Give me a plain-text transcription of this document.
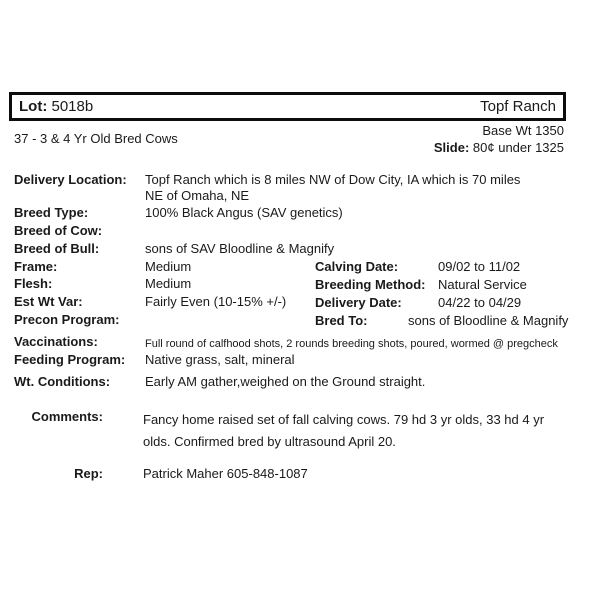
Lot: 5018b	Topf Ranch
37 - 3 & 4 Yr Old Bred Cows
Base Wt 1350
Slide: 80¢ under 1325
Delivery Location:	Topf Ranch which is 8 miles NW of Dow City, IA which is 70 miles
NE of Omaha, NE
Breed Type:	100% Black Angus (SAV genetics)
Breed of Cow:
Breed of Bull:	sons of SAV Bloodline & Magnify
Frame:	Medium
Flesh:	Medium
Est Wt Var:	Fairly Even (10-15% +/-)
Precon Program:
Calving Date:	09/02 to 11/02
Breeding Method: Natural Service
Delivery Date:	04/22 to 04/29
Bred To:	sons of Bloodline & Magnify
Vaccinations:	Full round of calfhood shots, 2 rounds breeding shots, poured, wormed @ pregcheck
Feeding Program:	Native grass, salt, mineral
Wt. Conditions:	Early AM gather,weighed on the Ground straight.
Comments:	Fancy home raised set of fall calving cows. 79 hd 3 yr olds, 33 hd 4 yr
olds. Confirmed bred by ultrasound April 20.
Rep:	Patrick Maher 605-848-1087
